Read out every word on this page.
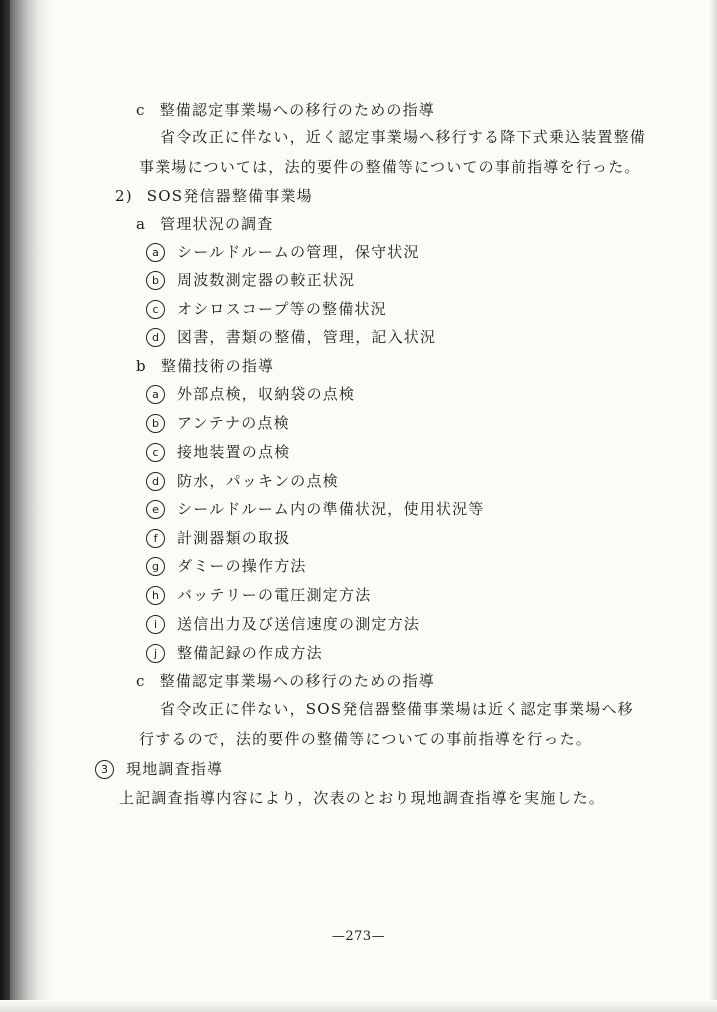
c 整備認定事業場への移行のための指導
省令改正に伴ない，近く認定事業場へ移行する降下式乗込装置整備
事業場については，法的要件の整備等についての事前指導を行った。
2) SOS発信器整備事業場
a 管理状況の調査
a シールドルームの管理，保守状況
b 周波数測定器の較正状況
c オシロスコープ等の整備状況
d 図書，書類の整備，管理，記入状況
b 整備技術の指導
a 外部点検，収納袋の点検
b アンテナの点検
c 接地装置の点検
d 防水，パッキンの点検
e シールドルーム内の準備状況，使用状況等
f 計測器類の取扱
g ダミーの操作方法
h バッテリーの電圧測定方法
i 送信出力及び送信速度の測定方法
j 整備記録の作成方法
c 整備認定事業場への移行のための指導
省令改正に伴ない，SOS発信器整備事業場は近く認定事業場へ移
行するので，法的要件の整備等についての事前指導を行った。
3 現地調査指導
上記調査指導内容により，次表のとおり現地調査指導を実施した。
—273—
